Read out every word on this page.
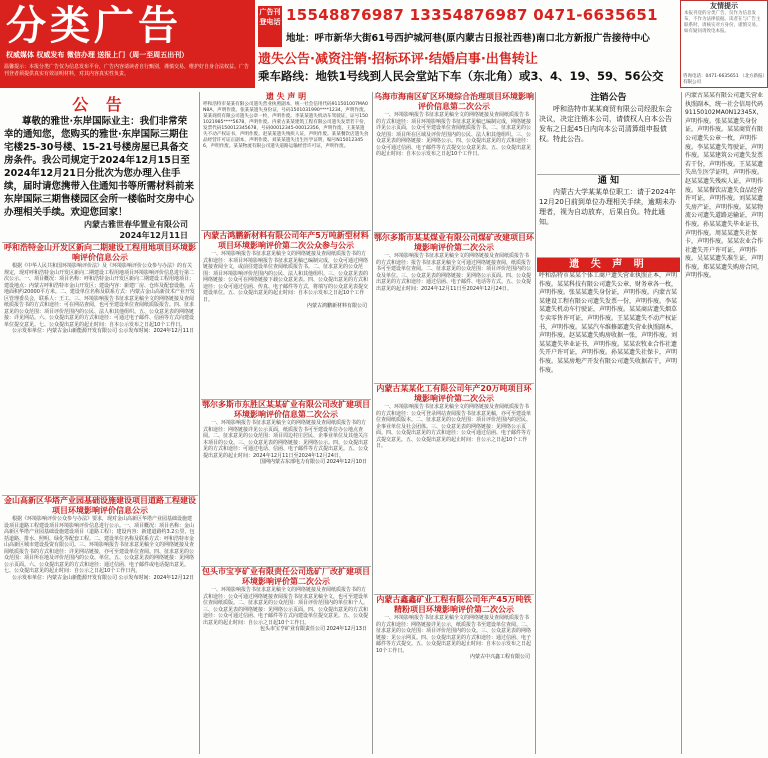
分类广告
权威媒体 权威发布 微信办理 送报上门（周一至周五出刊）
温馨提示：本报分类广告仅为信息发布平台，广告内容请读者自行甄别，谨慎交易，维护好自身合法权益。广告刊登者须提供真实有效证明材料，对其内容真实性负责。
广告刊登电话 15548876987 13354876987 0471-6635651
地址：呼市新华大街61号西护城河巷(原内蒙古日报社西巷)南口北方新报广告接待中心
遗失公告·减资注销·招标环评·结婚启事·出售转让
乘车路线：地铁1号线到人民会堂站下车（东北角）或3、4、19、59、56公交
友情提示
本报刊登的分类广告，仅作为信息发布，不作为法律依据。读者在与广告主联系时，请核实对方身份，谨慎交易。如有疑问请致电本报。
咨询电话：0471-6635651 （北方新报）有限公司
公 告
尊敬的雅世·东岸国际业主：我们非常荣幸的通知您，您购买的雅世·东岸国际三期住宅楼25-30号楼、15-21号楼房屋已具备交房条件。我公司规定于2024年12月15日至2024年12月21日分批次为您办理入住手续，届时请您携带入住通知书等所需材料前来东岸国际三期售楼园区会所一楼临时交房中心办理相关手续。欢迎您回家！
内蒙古雅世春华置业有限公司
2024年12月11日
呼和浩特金山开发区新向二期建设工程用地项目环境影响评价信息公示
根据《中华人民共和国环境影响评价法》及《环境影响评价公众参与办法》的有关规定，现对呼和浩特金山开发区新向二期建设工程用地项目环境影响评价信息进行第二次公示。一、项目概况：项目名称：呼和浩特金山开发区新向二期建设工程用地项目；建设地点：内蒙古呼和浩特市金山开发区；建设内容：新建厂房、仓库及配套设施，占地面积约20000平方米。二、建设单位名称及联系方式：内蒙古金山高新技术产业开发区管理委员会，联系人：王工。三、环境影响报告书征求意见稿全文的网络链接及查阅纸质报告书的方式和途径：可在网站查阅，也可至建设单位查阅纸质版报告。四、征求意见的公众范围：项目评价范围内的公民、法人和其他组织。五、公众意见表的网络链接：详见网站。六、公众提出意见的方式和途径：可通过电子邮件、信函等方式向建设单位提交意见。七、公众提出意见的起止时间：自本公示发布之日起10个工作日。
公示发布单位：内蒙古金山新能源开发有限公司 公示发布时间：2024年12月11日
金山高新区华塔产业园基础设施建设项目道路工程建设项目环境影响评价信息公示
根据《环境影响评价公众参与办法》要求，现对金山高新区华塔产业园基础设施建设项目道路工程建设项目环境影响评价信息进行公示。一、项目概况：项目名称：金山高新区华塔产业园基础设施建设项目（道路工程）；建设内容：新建道路约3.2公里，包括道路、排水、照明、绿化等配套工程。二、建设单位名称及联系方式：呼和浩特市金山高新区城市建设投资有限公司。三、环境影响报告书征求意见稿全文的网络链接及查阅纸质报告书的方式和途径：详见网站链接，亦可至建设单位查阅。四、征求意见的公众范围：项目所在地及评价范围内的公众、单位。五、公众意见表的网络链接：见网络公示页面。六、公众提出意见的方式和途径：通过信函、电子邮件或电话提出意见。七、公众提出意见的起止时间：自公示之日起10个工作日内。
公示发布单位：内蒙古金山新能源开发有限公司 公示发布时间：2024年12月12日
遗 失 声 明
呼和浩特市某某有限公司遗失营业执照副本，统一社会信用代码911501007MA0N8A，声明作废。张某某遗失身份证，号码1501031990****1234，声明作废。某某商贸有限公司遗失公章一枚，声明作废。李某某遗失机动车驾驶证，证号1501021985****5678，声明作废。内蒙古某某建筑工程有限公司遗失发票若干份，发票代码150012345678，号码00012345-00012356，声明作废。王某某遗失不动产权证书，声明作废。赵某某遗失残疾人证，声明作废。某某餐饮店遗失食品经营许可证正副本，声明作废。刘某某遗失出生医学证明，编号N150123456，声明作废。某某物流有限公司遗失道路运输经营许可证，声明作废。
内蒙古鸿鹏新材料有限公司年产5万吨新型材料项目环境影响评价第二次公众参与公示
一、环境影响报告书征求意见稿全文的网络链接及查阅纸质报告书的方式和途径：本项目环境影响报告书征求意见稿已编制完成，公众可通过网络链接查阅全文，或前往建设单位查阅纸质报告书。二、征求意见的公众范围：项目环境影响评价范围内的公民、法人和其他组织。三、公众意见表的网络链接：公众可在网络链接下载公众意见表。四、公众提出意见的方式和途径：公众可通过信函、传真、电子邮件等方式，将填写的公众意见表提交建设单位。五、公众提出意见的起止时间：自本公示发布之日起10个工作日。
内蒙古鸿鹏新材料有限公司
鄂尔多斯市东胜区某某矿业有限公司改扩建项目环境影响评价信息第二次公示
一、环境影响报告书征求意见稿全文的网络链接及查阅纸质报告书的方式和途径：网络链接详见公示页面，纸质报告书可至建设单位办公地点查阅。二、征求意见的公众范围：项目周边村庄居民、企事业单位及其他关注本项目的公众。三、公众意见表的网络链接：见网络公示。四、公众提出意见的方式和途径：可通过电话、信函、电子邮件等方式提出意见。五、公众提出意见的起止时间：2024年12月11日至2024年12月24日。
国网内蒙古东部电力有限公司 2024年12月10日
包头市宝亨矿业有限责任公司选矿厂改扩建项目环境影响评价第二次公示
一、环境影响报告书征求意见稿全文的网络链接及查阅纸质报告书的方式和途径：公众可通过网络链接查阅报告书征求意见稿全文，也可至建设单位查阅纸质版。二、征求意见的公众范围：项目评价范围内的单位和个人。三、公众意见表的网络链接：见网络公示页面。四、公众提出意见的方式和途径：公众可通过信函、电子邮件等方式向建设单位提交意见。五、公众提出意见的起止时间：自公示之日起10个工作日。
包头市宝亨矿业有限责任公司 2024年12月13日
乌海市海南区矿区环境综合治理项目环境影响评价信息第二次公示
一、环境影响报告书征求意见稿全文的网络链接及查阅纸质报告书的方式和途径：项目环境影响报告书征求意见稿已编制完成，网络链接详见公示页面，公众可至建设单位查阅纸质报告书。二、征求意见的公众范围：项目所在区域及评价范围内的公民、法人和其他组织。三、公众意见表的网络链接：见网络公示。四、公众提出意见的方式和途径：公众可通过信函、电子邮件等方式提交公众意见表。五、公众提出意见的起止时间：自本公示发布之日起10个工作日。
鄂尔多斯市某某煤业有限公司煤矿改建项目环境影响评价第二次公示
一、环境影响报告书征求意见稿全文的网络链接及查阅纸质报告书的方式和途径：报告书征求意见稿全文可通过网络链接查阅，纸质报告书可至建设单位查阅。二、征求意见的公众范围：项目评价范围内的公众及单位。三、公众意见表的网络链接：见网络公示页面。四、公众提出意见的方式和途径：通过信函、电子邮件、电话等方式。五、公众提出意见的起止时间：2024年12月11日至2024年12月24日。
内蒙古某某化工有限公司年产20万吨项目环境影响评价第二次公示
一、环境影响报告书征求意见稿全文的网络链接及查阅纸质报告书的方式和途径：公众可登录网站查阅报告书征求意见稿，亦可至建设单位查阅纸质版本。二、征求意见的公众范围：项目评价范围内的居民、企事业单位及社会团体。三、公众意见表的网络链接：见网络公示页面。四、公众提出意见的方式和途径：公众可通过信函、电子邮件等方式提交意见。五、公众提出意见的起止时间：自公示之日起10个工作日。
内蒙古鑫鑫矿业工程有限公司年产45万吨铁精粉项目环境影响评价第二次公示
一、环境影响报告书征求意见稿全文的网络链接及查阅纸质报告书的方式和途径：网络链接详见公示，纸质报告书至建设单位查阅。二、征求意见的公众范围：项目评价范围内的公众。三、公众意见表的网络链接：见公示网页。四、公众提出意见的方式和途径：通过信函、电子邮件等方式提交。五、公众提出意见的起止时间：自本公示发布之日起10个工作日。
内蒙古中兴鑫工程有限公司
注销公告
呼和浩特市某某商贸有限公司经股东会决议，决定注销本公司，请债权人自本公告发布之日起45日内向本公司清算组申报债权。特此公告。
通 知
内蒙古大学某某单位职工：请于2024年12月20日前到单位办理相关手续，逾期未办理者，视为自动放弃，后果自负。特此通知。
遗 失 声 明
呼和浩特市某某个体工商户遗失营业执照正本，声明作废。某某科技有限公司遗失公章、财务章各一枚，声明作废。张某某遗失身份证，声明作废。内蒙古某某建设工程有限公司遗失发票一份，声明作废。李某某遗失机动车行驶证，声明作废。某某商店遗失烟草专卖零售许可证，声明作废。王某某遗失不动产权证书，声明作废。某某汽车维修部遗失营业执照副本，声明作废。赵某某遗失购房收据一张，声明作废。刘某某遗失毕业证书，声明作废。某某农牧业合作社遗失开户许可证，声明作废。孙某某遗失社保卡，声明作废。某某房地产开发有限公司遗失收据若干，声明作废。
内蒙古某某有限公司遗失营业执照副本，统一社会信用代码91150102MA0N12345X，声明作废。张某某遗失身份证，声明作废。某某商贸有限公司遗失公章一枚，声明作废。李某某遗失驾驶证，声明作废。某某建筑公司遗失发票若干份，声明作废。王某某遗失出生医学证明，声明作废。赵某某遗失残疾人证，声明作废。某某餐饮店遗失食品经营许可证，声明作废。刘某某遗失房产证，声明作废。某某物流公司遗失道路运输证，声明作废。孙某某遗失毕业证书，声明作废。周某某遗失社保卡，声明作废。某某农业合作社遗失开户许可证，声明作废。吴某某遗失准生证，声明作废。郑某某遗失购房合同，声明作废。
